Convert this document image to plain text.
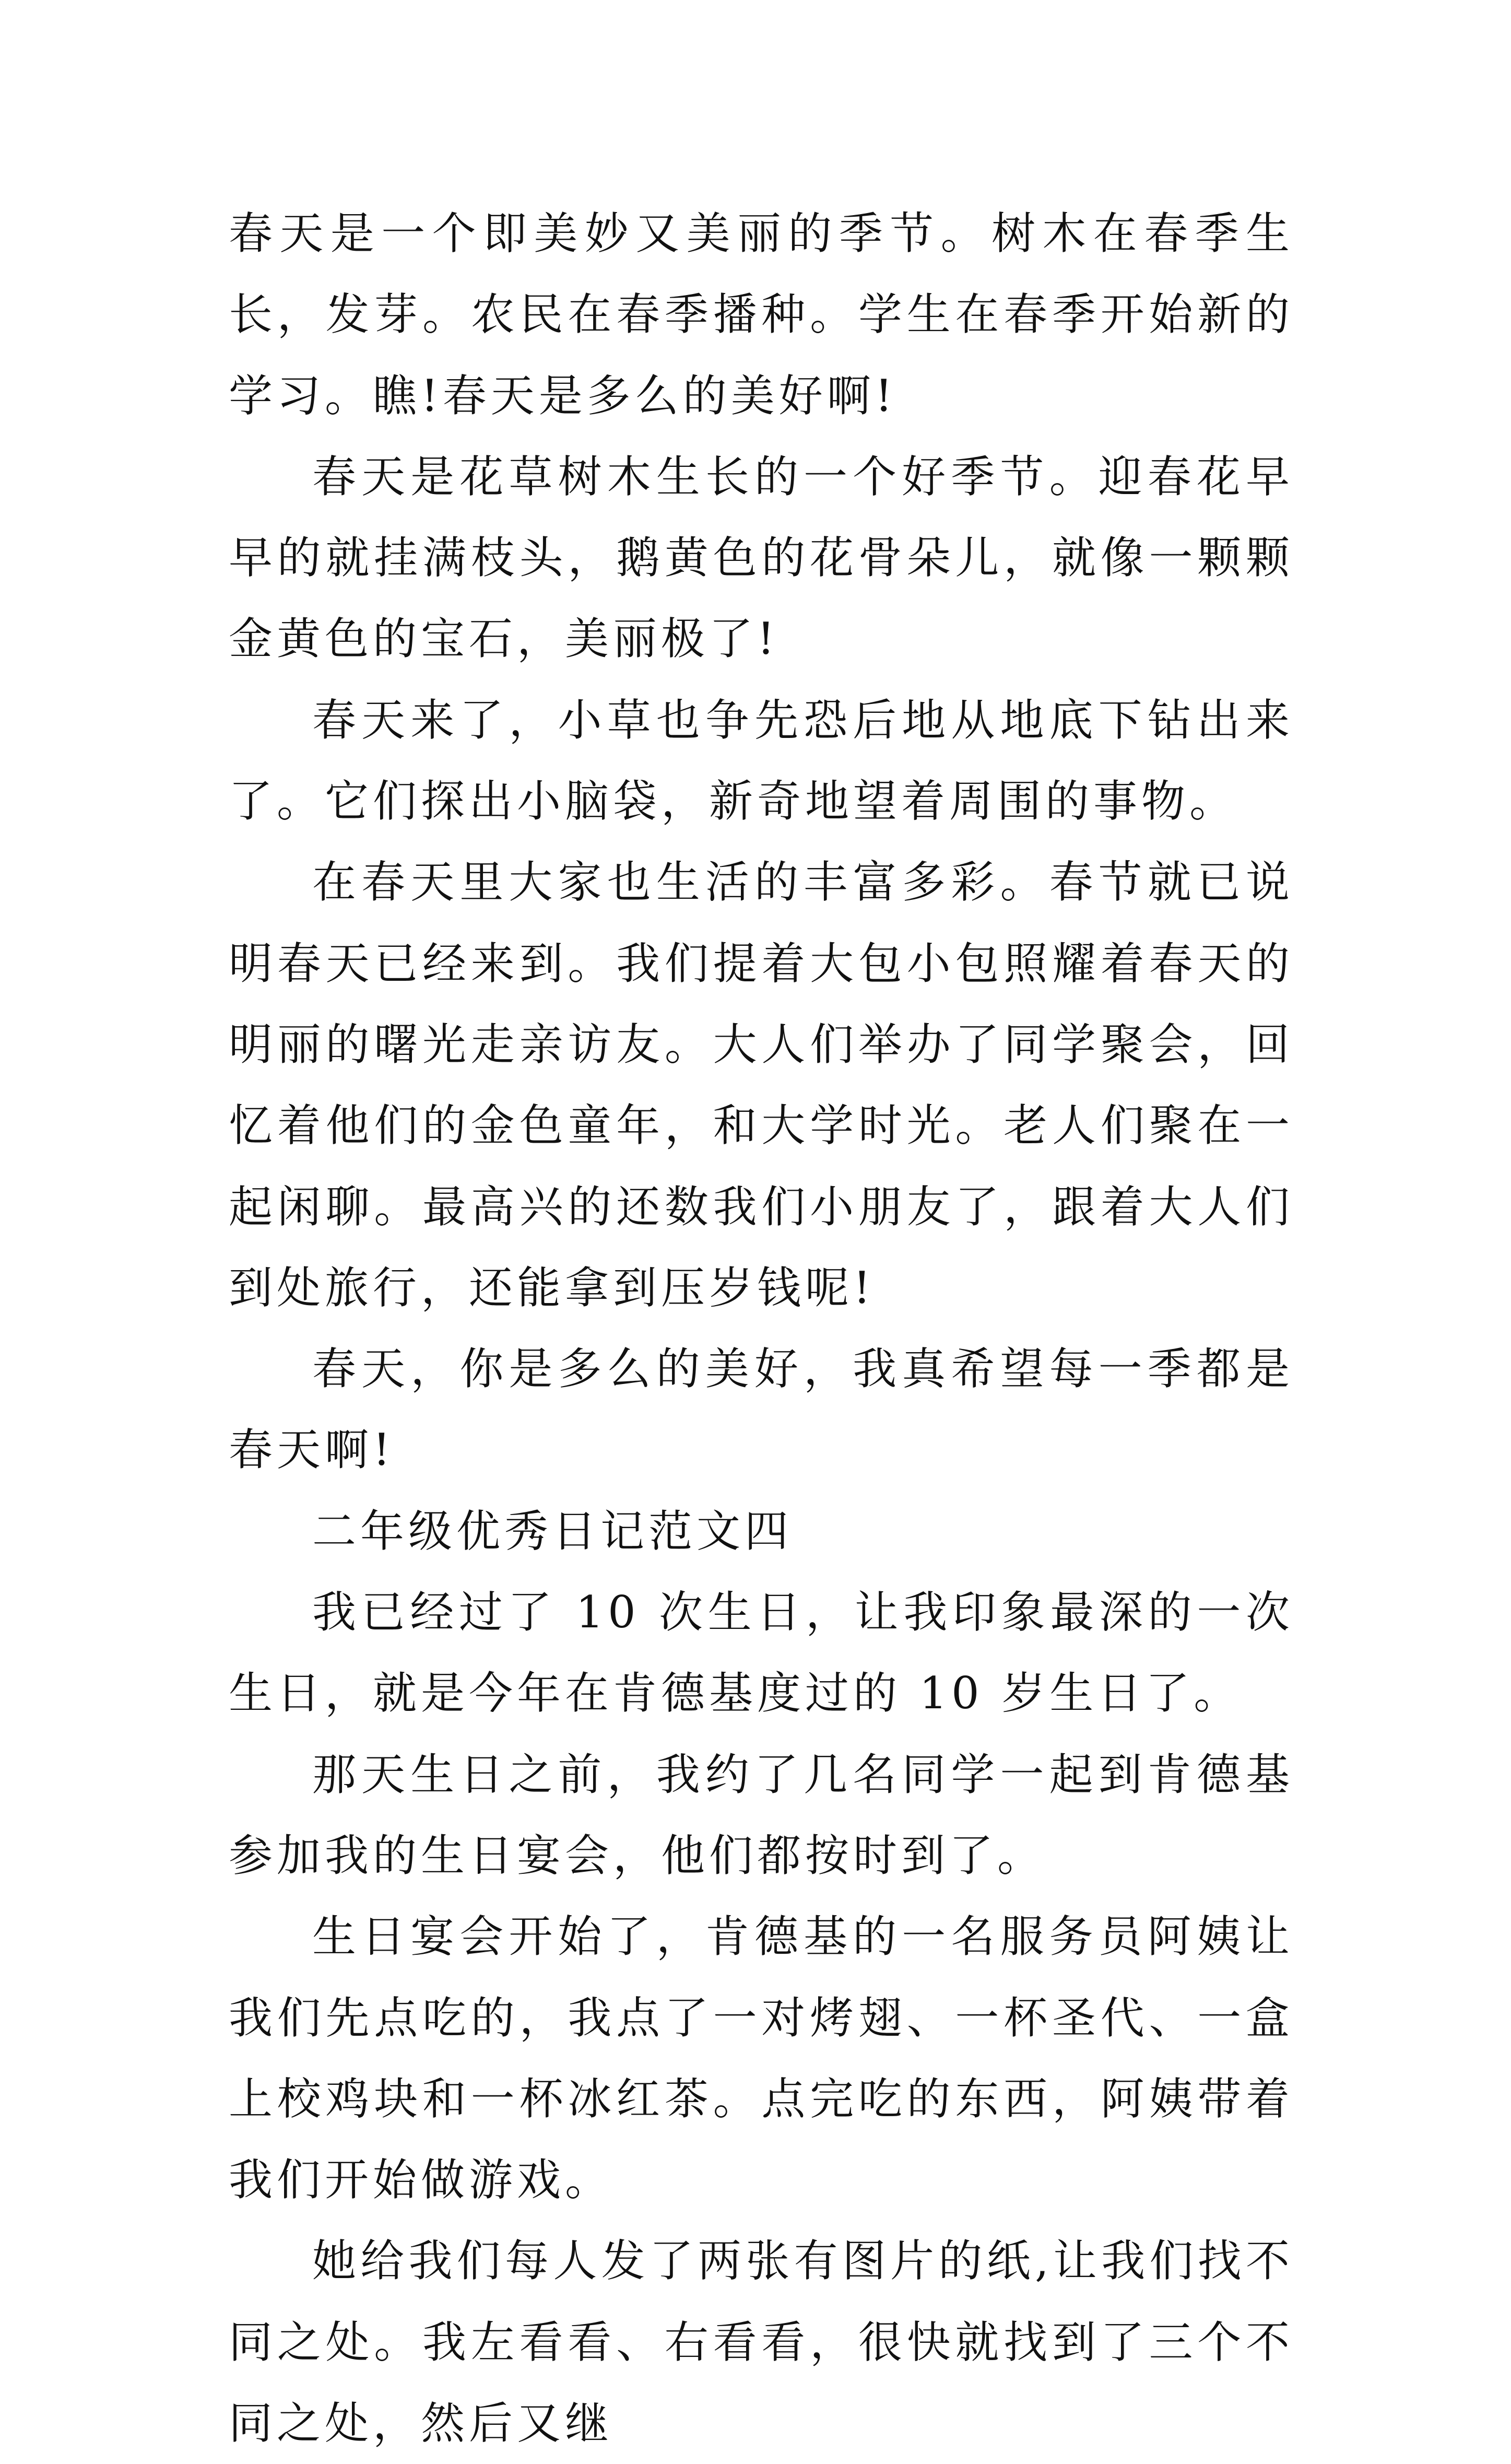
春天是一个即美妙又美丽的季节。树木在春季生长，发芽。农民在春季播种。学生在春季开始新的学习。瞧!春天是多么的美好啊!

春天是花草树木生长的一个好季节。迎春花早早的就挂满枝头，鹅黄色的花骨朵儿，就像一颗颗金黄色的宝石，美丽极了!

春天来了，小草也争先恐后地从地底下钻出来了。它们探出小脑袋，新奇地望着周围的事物。

在春天里大家也生活的丰富多彩。春节就已说明春天已经来到。我们提着大包小包照耀着春天的明丽的曙光走亲访友。大人们举办了同学聚会，回忆着他们的金色童年，和大学时光。老人们聚在一起闲聊。最高兴的还数我们小朋友了，跟着大人们到处旅行，还能拿到压岁钱呢!

春天，你是多么的美好，我真希望每一季都是春天啊!

二年级优秀日记范文四

我已经过了 10 次生日，让我印象最深的一次生日，就是今年在肯德基度过的 10 岁生日了。

那天生日之前，我约了几名同学一起到肯德基参加我的生日宴会，他们都按时到了。

生日宴会开始了，肯德基的一名服务员阿姨让我们先点吃的，我点了一对烤翅、一杯圣代、一盒上校鸡块和一杯冰红茶。点完吃的东西，阿姨带着我们开始做游戏。

她给我们每人发了两张有图片的纸,让我们找不同之处。我左看看、右看看，很快就找到了三个不同之处，然后又继
